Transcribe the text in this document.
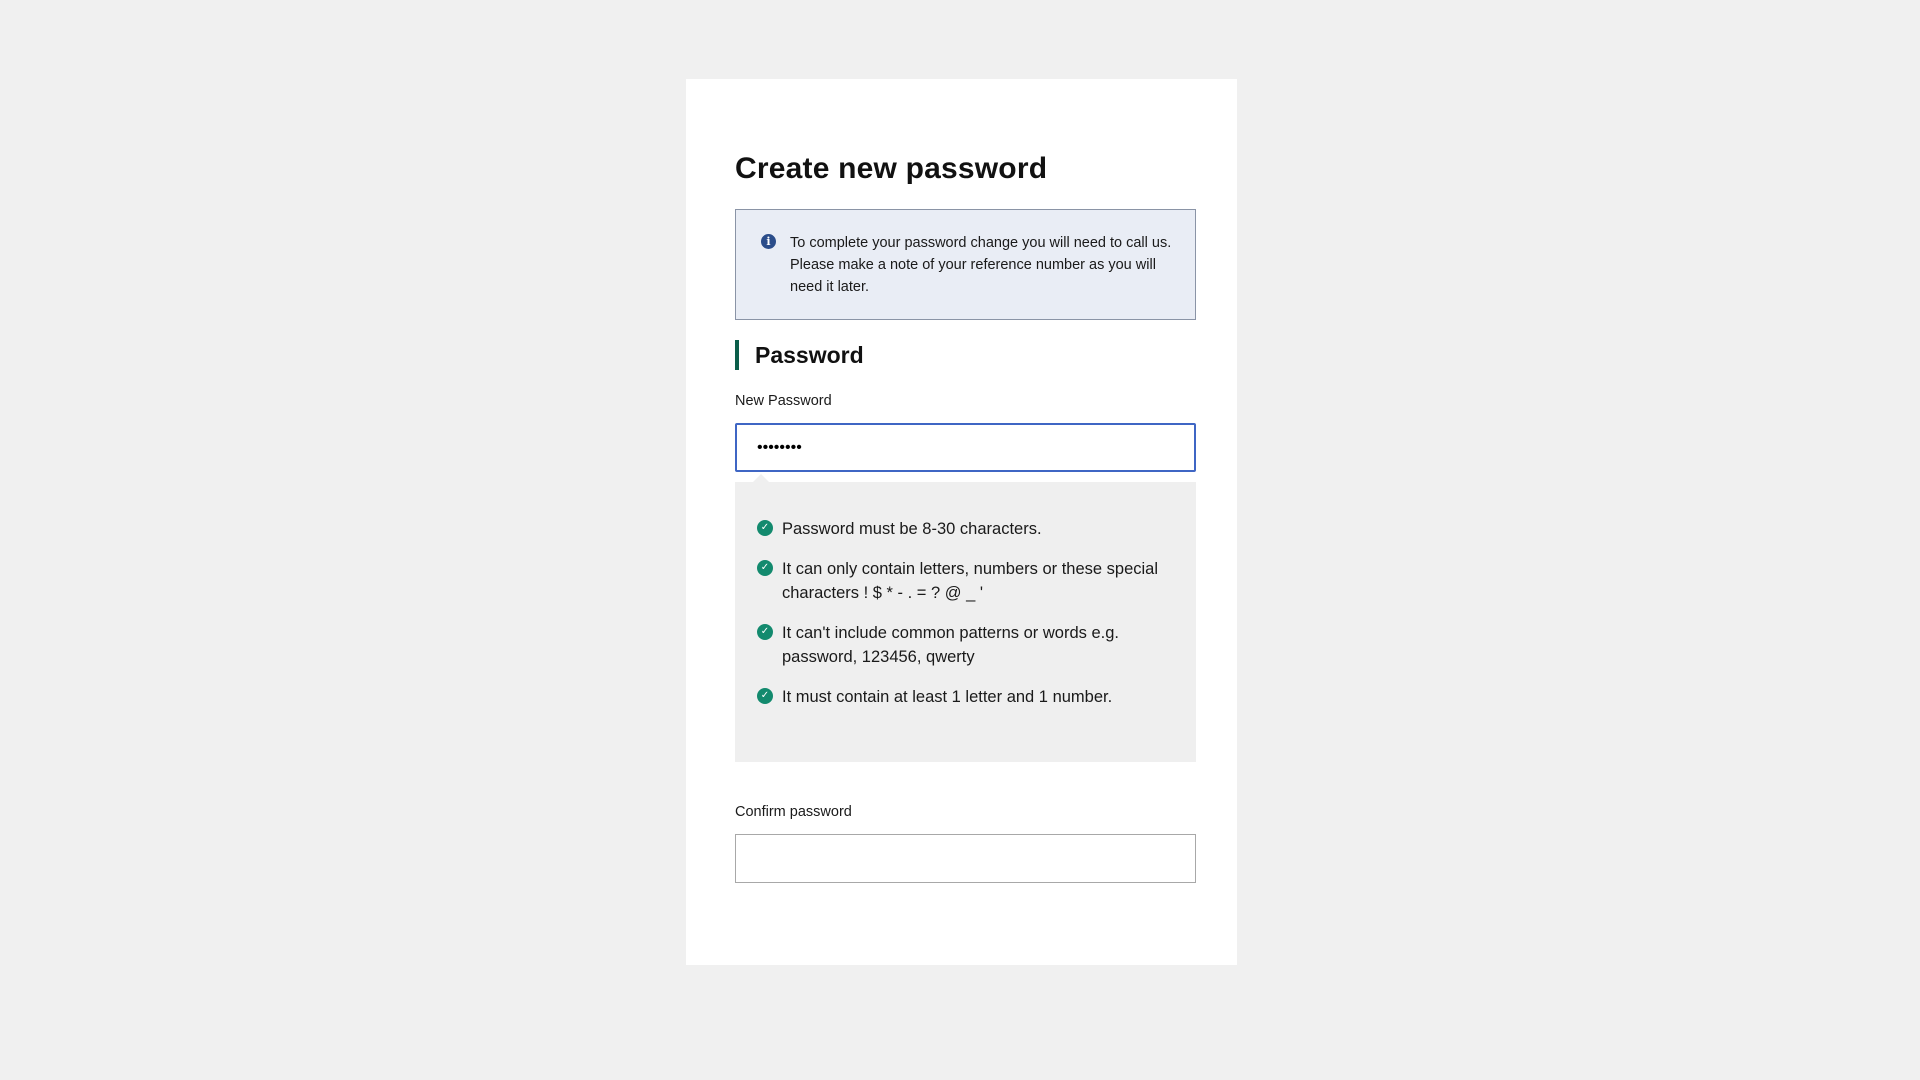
Create new password
i	To complete your password change you will need to call us. Please make a note of your reference number as you will need it later.
Password
New Password
✓ Password must be 8-30 characters.
✓ It can only contain letters, numbers or these special characters ! $ * - . = ? @ _ '
✓ It can't include common patterns or words e.g. password, 123456, qwerty
✓ It must contain at least 1 letter and 1 number.
Confirm password
